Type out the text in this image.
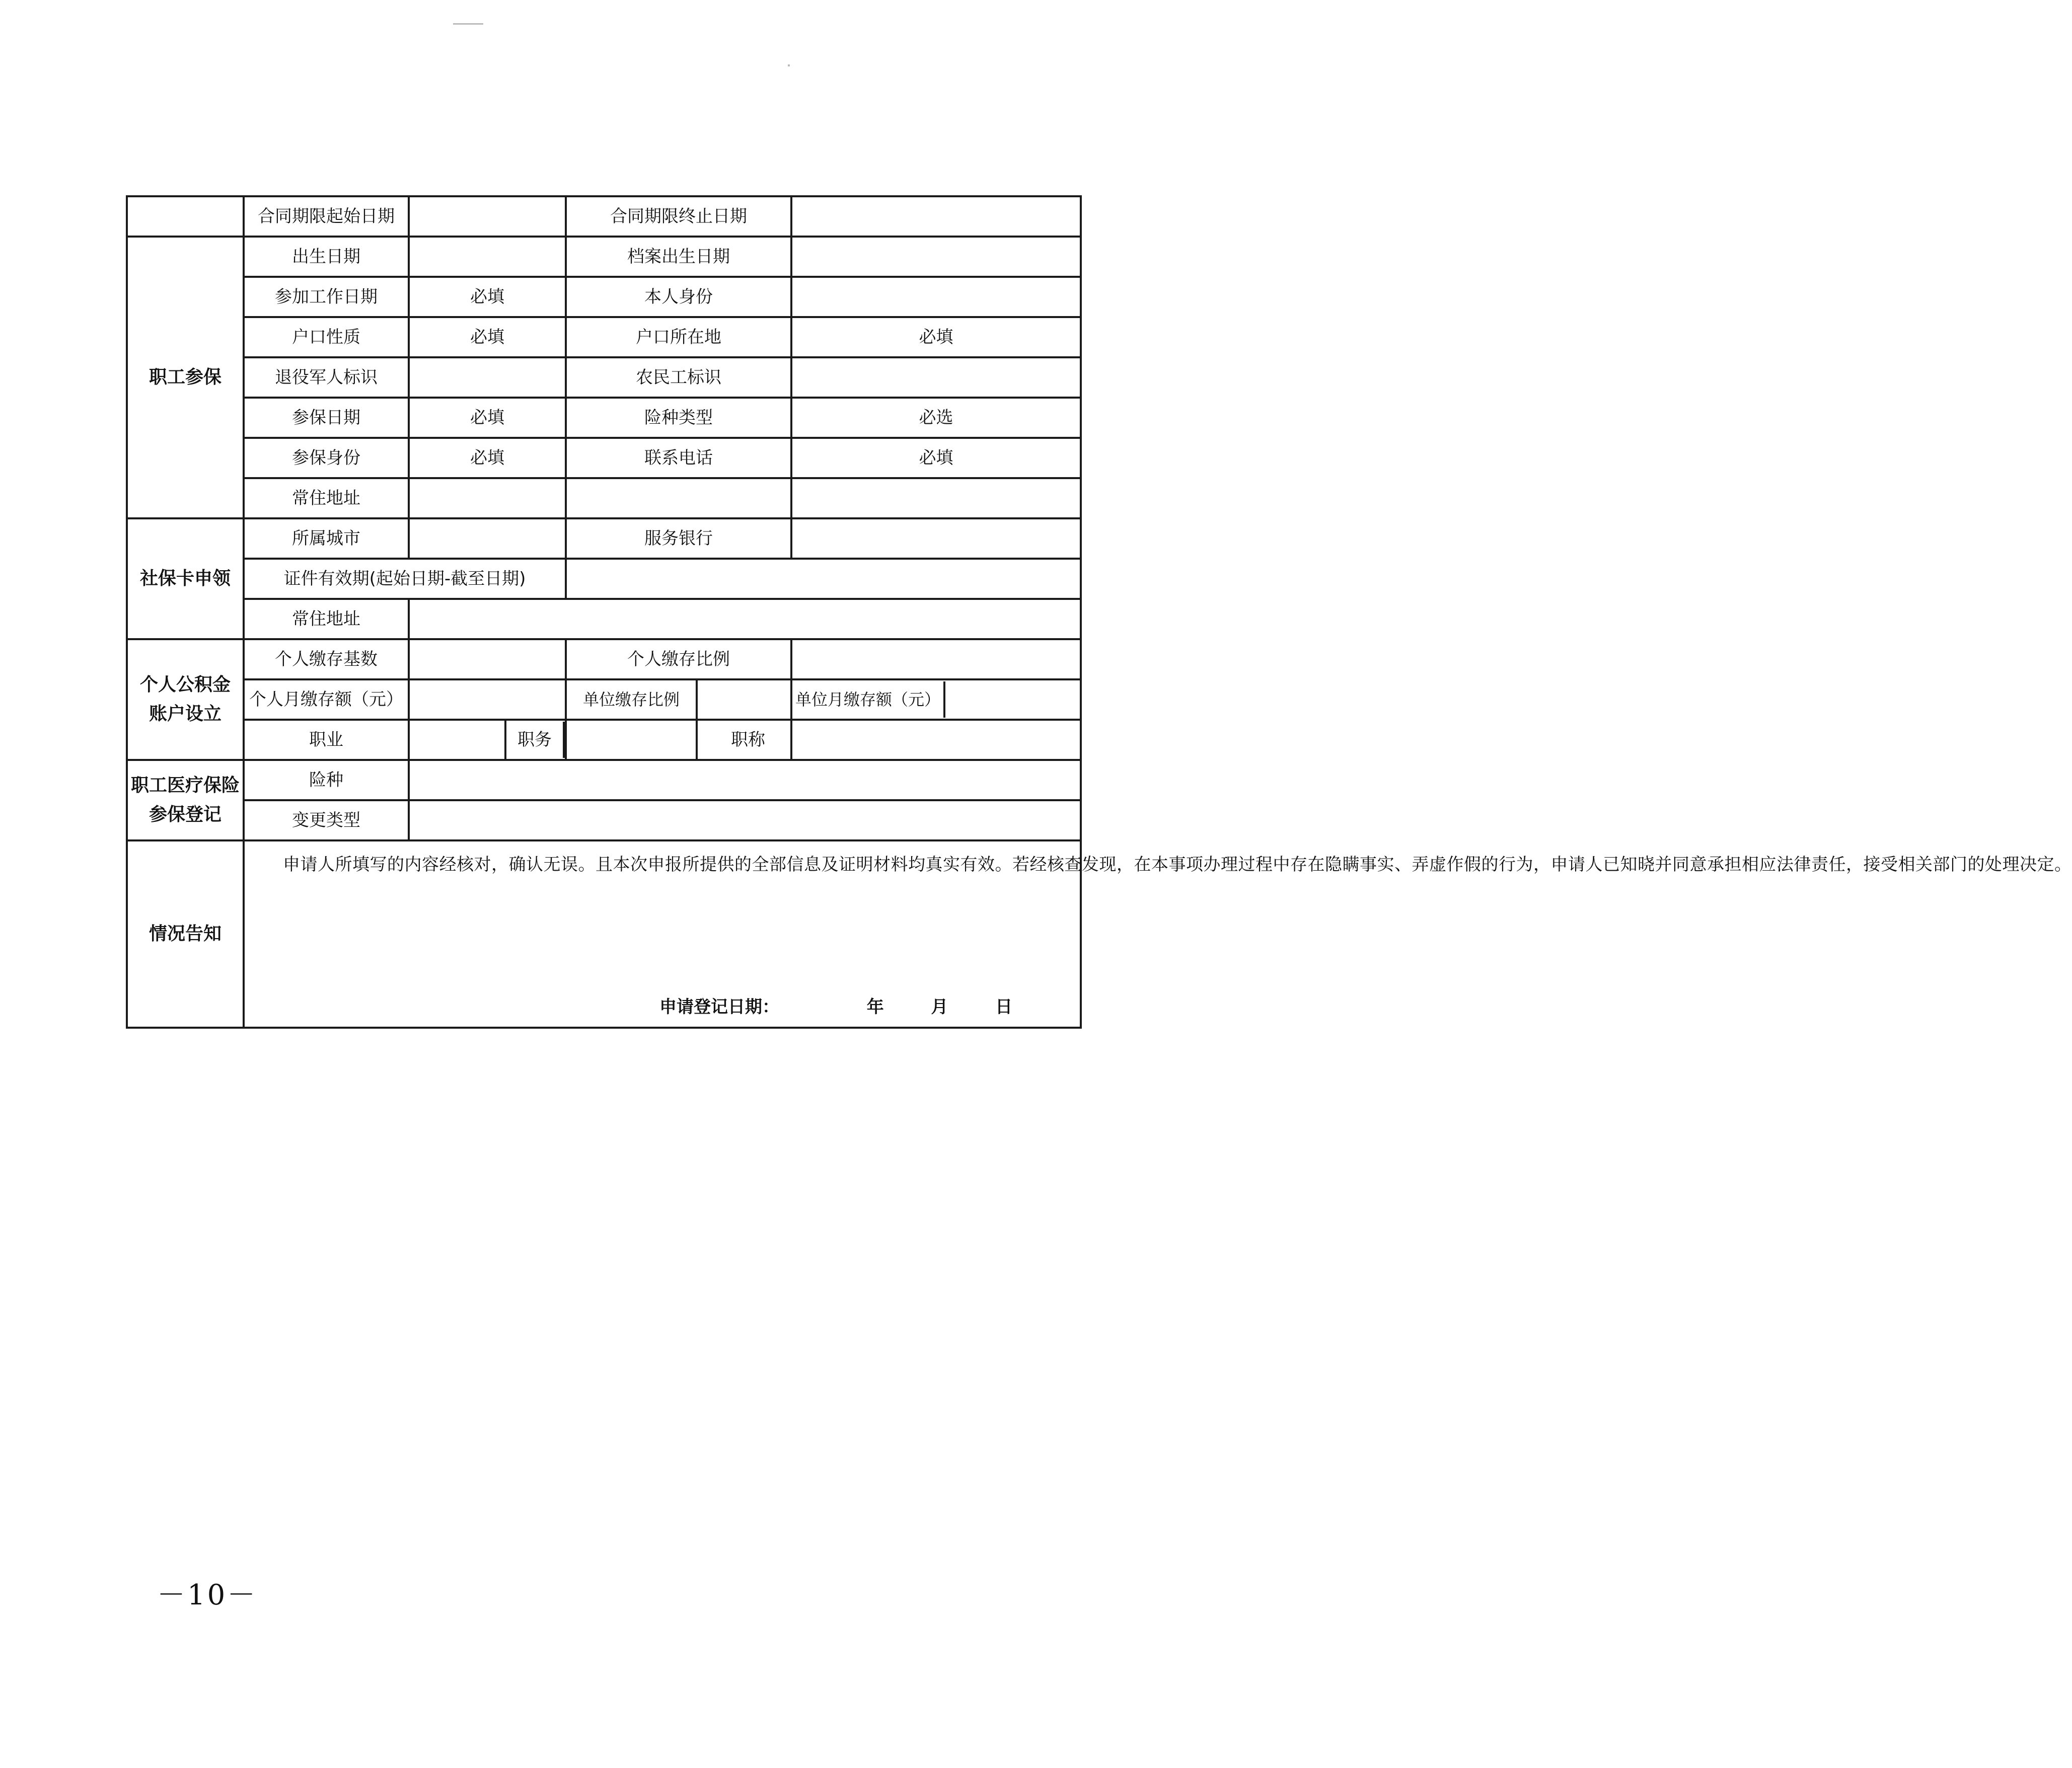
	合同期限起始日期			合同期限终止日期		
职工参保	出生日期			档案出生日期		
	参加工作日期	必填		本人身份		
	户口性质	必填		户口所在地		必填
	退役军人标识			农民工标识		
	参保日期	必填		险种类型		必选
	参保身份	必填		联系电话		必填
	常住地址					
社保卡申领	所属城市			服务银行		
	证件有效期(起始日期-截至日期)					
	常住地址					

个人公积金
账户设立	个人缴存基数			个人缴存比例		
	个人月缴存额（元）			单位缴存比例		单位月缴存额（元）

	职业		职务		职称	

职工医疗保险
参保登记	险种					
	变更类型					
情况告知	申请人所填写的内容经核对，确认无误。且本次申报所提供的全部信息及证明材料均真实有效。若经核查发现，在本事项办理过程中存在隐瞒事实、弄虚作假的行为，申请人已知晓并同意承担相应法律责任，接受相关部门的处理决定。
申请登记日期： 年 月 日					
－10－
